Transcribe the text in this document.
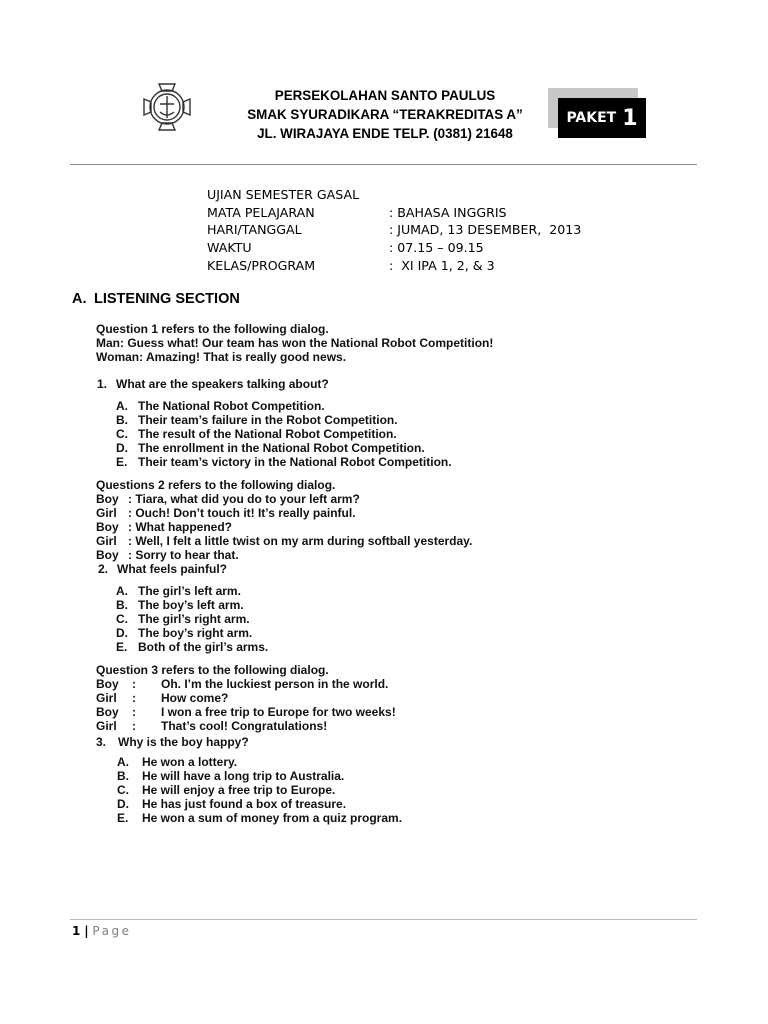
PERSEKOLAHAN SANTO PAULUS
SMAK SYURADIKARA “TERAKREDITAS A”
JL. WIRAJAYA ENDE TELP. (0381) 21648
PAKET 1
UJIAN SEMESTER GASAL
MATA PELAJARAN	: BAHASA INGGRIS
HARI/TANGGAL	: JUMAD, 13 DESEMBER,  2013
WAKTU	: 07.15 – 09.15
KELAS/PROGRAM	:  XI IPA 1, 2, & 3
A. LISTENING SECTION
Question 1 refers to the following dialog.
Man: Guess what! Our team has won the National Robot Competition!
Woman: Amazing! That is really good news.
1. What are the speakers talking about?
A. The National Robot Competition.
B. Their team’s failure in the Robot Competition.
C. The result of the National Robot Competition.
D. The enrollment in the National Robot Competition.
E. Their team’s victory in the National Robot Competition.
Questions 2 refers to the following dialog.
Boy : Tiara, what did you do to your left arm?
Girl : Ouch! Don’t touch it! It’s really painful.
Boy : What happened?
Girl : Well, I felt a little twist on my arm during softball yesterday.
Boy : Sorry to hear that.
2. What feels painful?
A. The girl’s left arm.
B. The boy’s left arm.
C. The girl’s right arm.
D. The boy’s right arm.
E. Both of the girl’s arms.
Question 3 refers to the following dialog.
Boy	:	Oh. I’m the luckiest person in the world.
Girl	:	How come?
Boy	:	I won a free trip to Europe for two weeks!
Girl	:	That’s cool! Congratulations!
3. Why is the boy happy?
A.	He won a lottery.
B.	He will have a long trip to Australia.
C.	He will enjoy a free trip to Europe.
D.	He has just found a box of treasure.
E.	He won a sum of money from a quiz program.
1 | Page
